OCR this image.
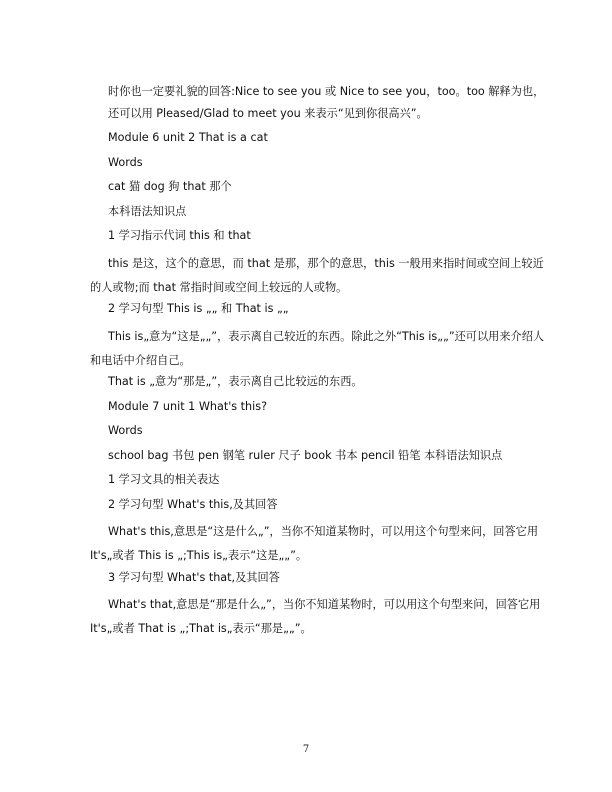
时你也一定要礼貌的回答:Nice to see you 或 Nice to see you，too。too 解释为也，
还可以用 Pleased/Glad to meet you 来表示“见到你很高兴”。
Module 6 unit 2 That is a cat
Words
cat 猫 dog 狗 that 那个
本科语法知识点
1 学习指示代词 this 和 that
this 是这，这个的意思，而 that 是那，那个的意思，this 一般用来指时间或空间上较近的人或物;而 that 常指时间或空间上较远的人或物。
2 学习句型 This is „„ 和 That is „„
This is„意为“这是„„”，表示离自己较近的东西。除此之外“This is„„”还可以用来介绍人和电话中介绍自己。
That is „意为“那是„”，表示离自己比较远的东西。
Module 7 unit 1 What's this?
Words
school bag 书包 pen 钢笔 ruler 尺子 book 书本 pencil 铅笔 本科语法知识点
1 学习文具的相关表达
2 学习句型 What's this,及其回答
What's this,意思是“这是什么„”，当你不知道某物时，可以用这个句型来问，回答它用 It's„或者 This is „;This is„表示“这是„„”。
3 学习句型 What's that,及其回答
What's that,意思是“那是什么„”，当你不知道某物时，可以用这个句型来问，回答它用 It's„或者 That is „;That is„表示“那是„„”。
7
